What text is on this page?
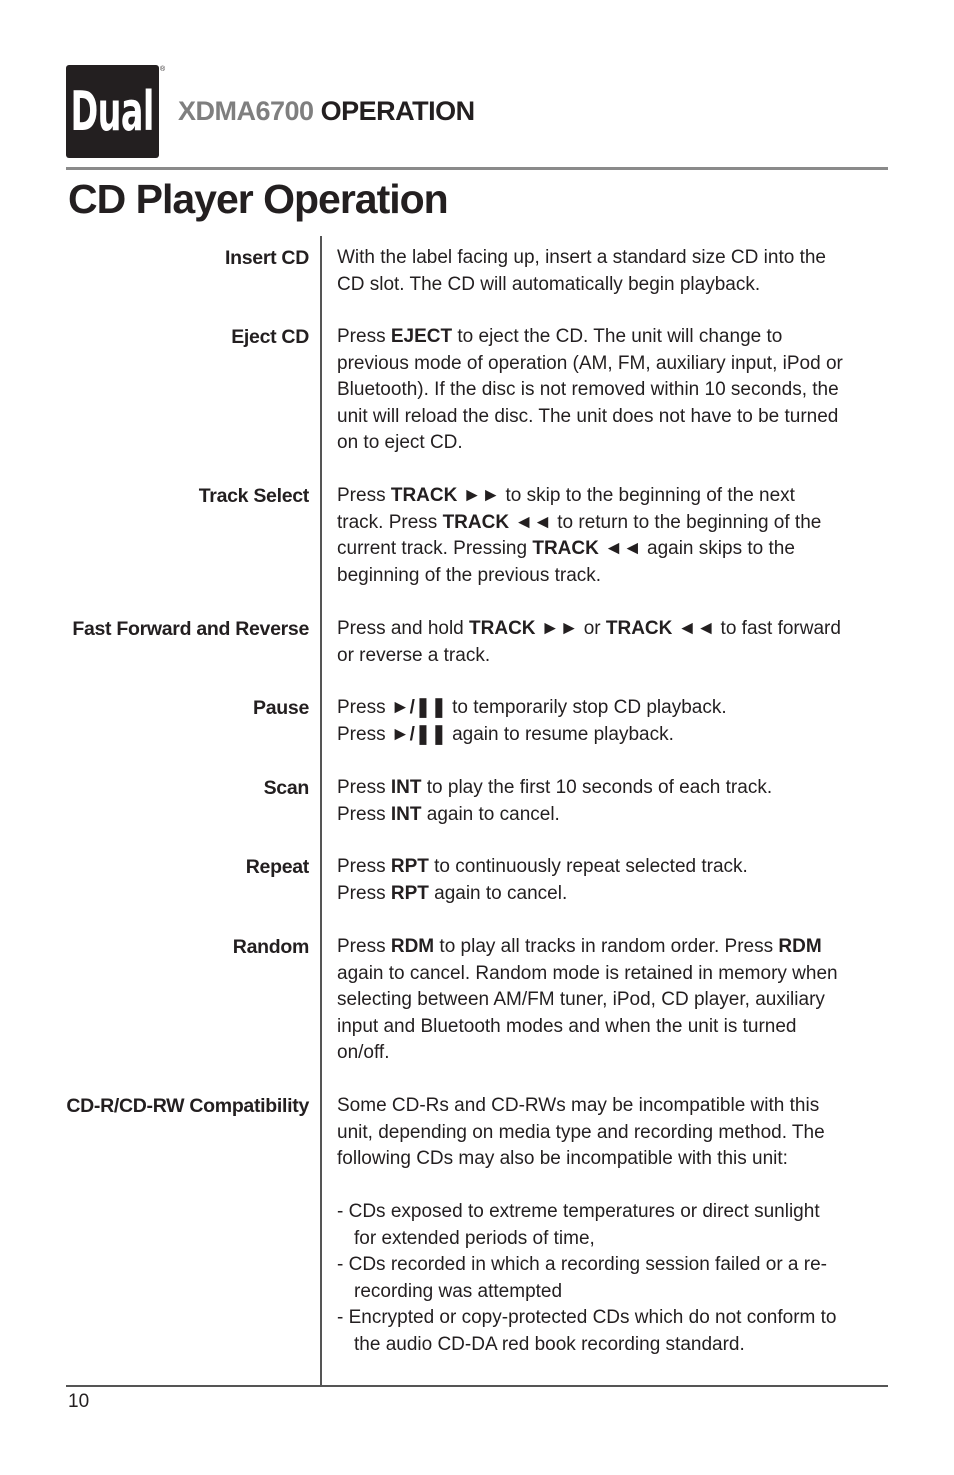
Dual
®
XDMA6700 OPERATION
CD Player Operation
Insert CD With the label facing up, insert a standard size CD into the
CD slot. The CD will automatically begin playback.
Eject CD Press EJECT to eject the CD. The unit will change to
previous mode of operation (AM, FM, auxiliary input, iPod or
Bluetooth). If the disc is not removed within 10 seconds, the
unit will reload the disc. The unit does not have to be turned
on to eject CD.
Track Select Press TRACK ►► to skip to the beginning of the next
track. Press TRACK ◄◄ to return to the beginning of the
current track. Pressing TRACK ◄◄ again skips to the
beginning of the previous track.
Fast Forward and Reverse Press and hold TRACK ►► or TRACK ◄◄ to fast forward
or reverse a track.
Pause Press ►/❚❚ to temporarily stop CD playback.
Press ►/❚❚ again to resume playback.
Scan Press INT to play the first 10 seconds of each track.
Press INT again to cancel.
Repeat Press RPT to continuously repeat selected track.
Press RPT again to cancel.
Random Press RDM to play all tracks in random order. Press RDM
again to cancel. Random mode is retained in memory when
selecting between AM/FM tuner, iPod, CD player, auxiliary
input and Bluetooth modes and when the unit is turned
on/off.
CD-R/CD-RW Compatibility Some CD-Rs and CD-RWs may be incompatible with this
unit, depending on media type and recording method. The
following CDs may also be incompatible with this unit:
- CDs exposed to extreme temperatures or direct sunlight
for extended periods of time,
- CDs recorded in which a recording session failed or a re-
recording was attempted
- Encrypted or copy-protected CDs which do not conform to
the audio CD-DA red book recording standard.
10
